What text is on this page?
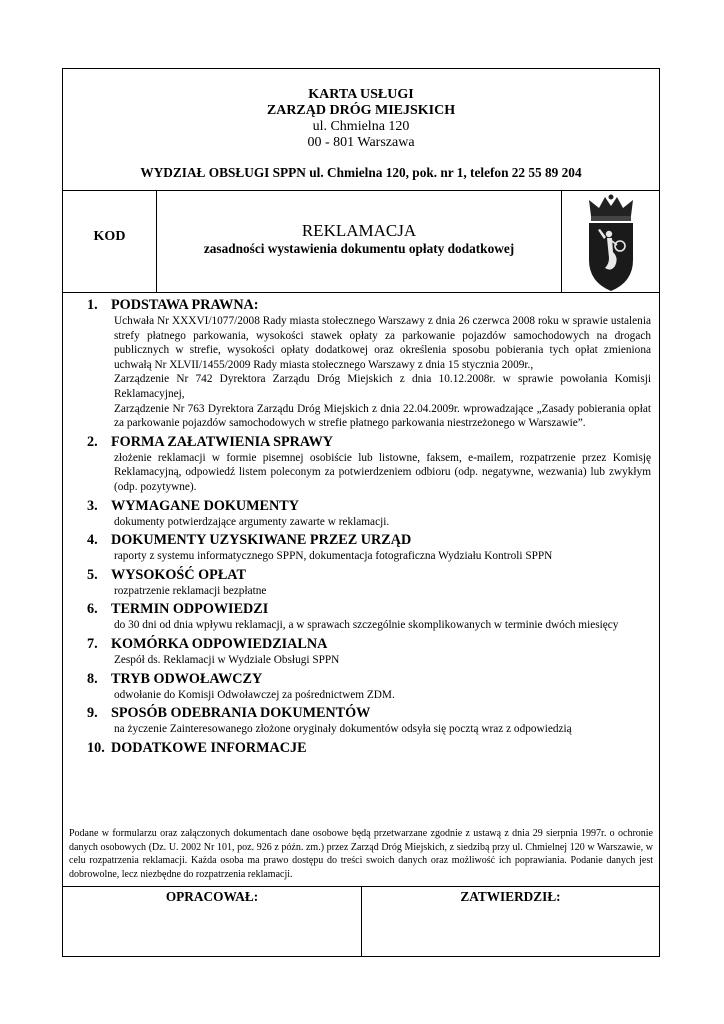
KARTA USŁUGI
ZARZĄD DRÓG MIEJSKICH
ul. Chmielna 120
00 - 801 Warszawa
WYDZIAŁ OBSŁUGI SPPN ul. Chmielna 120, pok. nr 1, telefon 22 55 89 204
KOD	REKLAMACJA
zasadności wystawienia dokumentu opłaty dodatkowej
1. PODSTAWA PRAWNA:

Uchwała Nr XXXVI/1077/2008 Rady miasta stołecznego Warszawy z dnia 26 czerwca 2008 roku w sprawie ustalenia strefy płatnego parkowania, wysokości stawek opłaty za parkowanie pojazdów samochodowych na drogach publicznych w strefie, wysokości opłaty dodatkowej oraz określenia sposobu pobierania tych opłat zmieniona uchwałą Nr XLVII/1455/2009 Rady miasta stołecznego Warszawy z dnia 15 stycznia 2009r.,

Zarządzenie Nr 742 Dyrektora Zarządu Dróg Miejskich z dnia 10.12.2008r. w sprawie powołania Komisji Reklamacyjnej,

Zarządzenie Nr 763 Dyrektora Zarządu Dróg Miejskich z dnia 22.04.2009r. wprowadzające „Zasady pobierania opłat za parkowanie pojazdów samochodowych w strefie płatnego parkowania niestrzeżonego w Warszawie”.

2. FORMA ZAŁATWIENIA SPRAWY

złożenie reklamacji w formie pisemnej osobiście lub listowne, faksem, e-mailem, rozpatrzenie przez Komisję Reklamacyjną, odpowiedź listem poleconym za potwierdzeniem odbioru (odp. negatywne, wezwania) lub zwykłym (odp. pozytywne).

3. WYMAGANE DOKUMENTY

dokumenty potwierdzające argumenty zawarte w reklamacji.

4. DOKUMENTY UZYSKIWANE PRZEZ URZĄD

raporty z systemu informatycznego SPPN, dokumentacja fotograficzna Wydziału Kontroli SPPN

5. WYSOKOŚĆ OPŁAT

rozpatrzenie reklamacji bezpłatne

6. TERMIN ODPOWIEDZI

do 30 dni od dnia wpływu reklamacji, a w sprawach szczególnie skomplikowanych w terminie dwóch miesięcy

7. KOMÓRKA ODPOWIEDZIALNA

Zespół ds. Reklamacji w Wydziale Obsługi SPPN

8. TRYB ODWOŁAWCZY

odwołanie do Komisji Odwoławczej za pośrednictwem ZDM.

9. SPOSÓB ODEBRANIA DOKUMENTÓW

na życzenie Zainteresowanego złożone oryginały dokumentów odsyła się pocztą wraz z odpowiedzią

10. DODATKOWE INFORMACJE
Podane w formularzu oraz załączonych dokumentach dane osobowe będą przetwarzane zgodnie z ustawą z dnia 29 sierpnia 1997r. o ochronie danych osobowych (Dz. U. 2002 Nr 101, poz. 926 z późn. zm.) przez Zarząd Dróg Miejskich, z siedzibą przy ul. Chmielnej 120 w Warszawie, w celu rozpatrzenia reklamacji. Każda osoba ma prawo dostępu do treści swoich danych oraz możliwość ich poprawiania. Podanie danych jest dobrowolne, lecz niezbędne do rozpatrzenia reklamacji.
OPRACOWAŁ:	ZATWIERDZIŁ:
